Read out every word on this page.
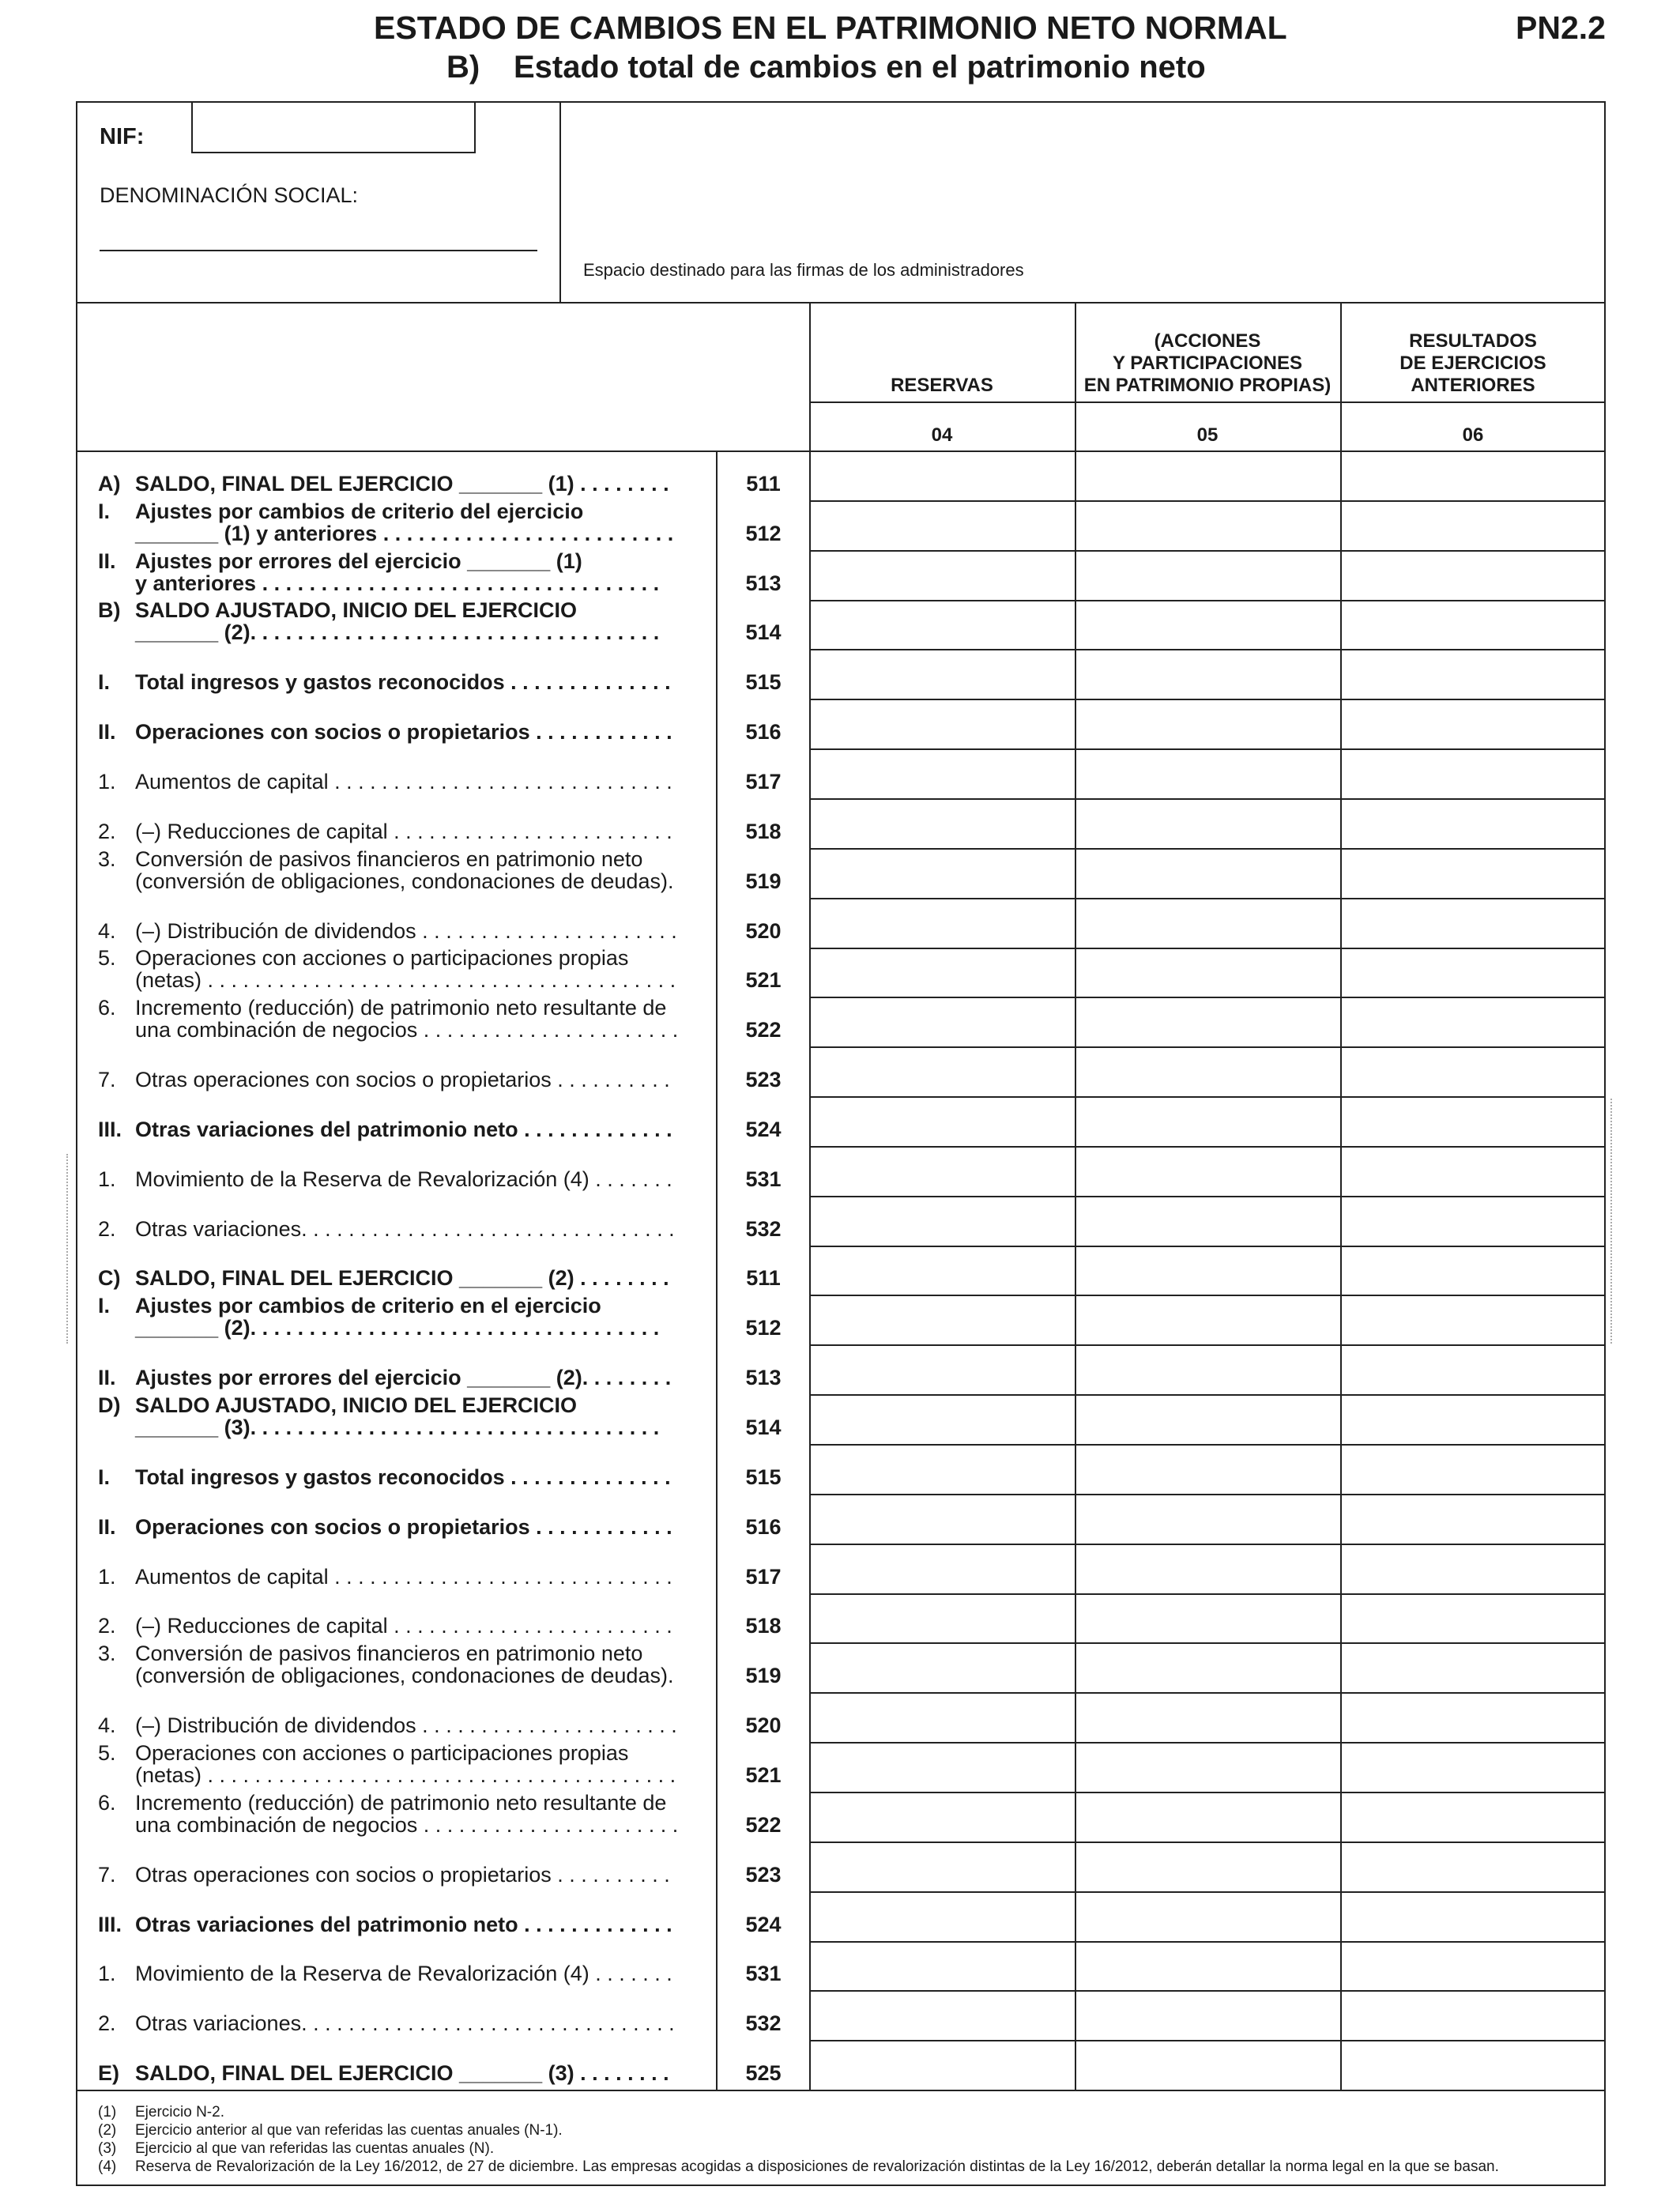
ESTADO DE CAMBIOS EN EL PATRIMONIO NETO NORMAL	PN2.2
B) Estado total de cambios en el patrimonio neto
NIF:
DENOMINACIÓN SOCIAL:
Espacio destinado para las firmas de los administradores
RESERVAS
(ACCIONES
Y PARTICIPACIONES
EN PATRIMONIO PROPIAS)
RESULTADOS
DE EJERCICIOS
ANTERIORES
04	05	06
A) SALDO, FINAL DEL EJERCICIO _______ (1) . . . . . . . .	511
I. Ajustes por cambios de criterio del ejercicio
_______ (1) y anteriores . . . . . . . . . . . . . . . . . . . . . . . . .	512
II. Ajustes por errores del ejercicio _______ (1)
y anteriores . . . . . . . . . . . . . . . . . . . . . . . . . . . . . . . . . .	513
B) SALDO AJUSTADO, INICIO DEL EJERCICIO
_______ (2). . . . . . . . . . . . . . . . . . . . . . . . . . . . . . . . . . .	514
I. Total ingresos y gastos reconocidos . . . . . . . . . . . . . .	515
II. Operaciones con socios o propietarios . . . . . . . . . . . .	516
1. Aumentos de capital . . . . . . . . . . . . . . . . . . . . . . . . . . . . .	517
2. (–) Reducciones de capital . . . . . . . . . . . . . . . . . . . . . . . .	518
3. Conversión de pasivos financieros en patrimonio neto
(conversión de obligaciones, condonaciones de deudas).	519
4. (–) Distribución de dividendos . . . . . . . . . . . . . . . . . . . . . .	520
5. Operaciones con acciones o participaciones propias
(netas) . . . . . . . . . . . . . . . . . . . . . . . . . . . . . . . . . . . . . . . .	521
6. Incremento (reducción) de patrimonio neto resultante de
una combinación de negocios . . . . . . . . . . . . . . . . . . . . . .	522
7. Otras operaciones con socios o propietarios . . . . . . . . . .	523
III. Otras variaciones del patrimonio neto . . . . . . . . . . . . .	524
1. Movimiento de la Reserva de Revalorización (4) . . . . . . .	531
2. Otras variaciones. . . . . . . . . . . . . . . . . . . . . . . . . . . . . . . .	532
C) SALDO, FINAL DEL EJERCICIO _______ (2) . . . . . . . .	511
I. Ajustes por cambios de criterio en el ejercicio
_______ (2). . . . . . . . . . . . . . . . . . . . . . . . . . . . . . . . . . .	512
II. Ajustes por errores del ejercicio _______ (2). . . . . . . .	513
D) SALDO AJUSTADO, INICIO DEL EJERCICIO
_______ (3). . . . . . . . . . . . . . . . . . . . . . . . . . . . . . . . . . .	514
I. Total ingresos y gastos reconocidos . . . . . . . . . . . . . .	515
II. Operaciones con socios o propietarios . . . . . . . . . . . .	516
1. Aumentos de capital . . . . . . . . . . . . . . . . . . . . . . . . . . . . .	517
2. (–) Reducciones de capital . . . . . . . . . . . . . . . . . . . . . . . .	518
3. Conversión de pasivos financieros en patrimonio neto
(conversión de obligaciones, condonaciones de deudas).	519
4. (–) Distribución de dividendos . . . . . . . . . . . . . . . . . . . . . .	520
5. Operaciones con acciones o participaciones propias
(netas) . . . . . . . . . . . . . . . . . . . . . . . . . . . . . . . . . . . . . . . .	521
6. Incremento (reducción) de patrimonio neto resultante de
una combinación de negocios . . . . . . . . . . . . . . . . . . . . . .	522
7. Otras operaciones con socios o propietarios . . . . . . . . . .	523
III. Otras variaciones del patrimonio neto . . . . . . . . . . . . .	524
1. Movimiento de la Reserva de Revalorización (4) . . . . . . .	531
2. Otras variaciones. . . . . . . . . . . . . . . . . . . . . . . . . . . . . . . .	532
E) SALDO, FINAL DEL EJERCICIO _______ (3) . . . . . . . .	525
(1) Ejercicio N-2.
(2) Ejercicio anterior al que van referidas las cuentas anuales (N-1).
(3) Ejercicio al que van referidas las cuentas anuales (N).
(4) Reserva de Revalorización de la Ley 16/2012, de 27 de diciembre. Las empresas acogidas a disposiciones de revalorización distintas de la Ley 16/2012, deberán detallar la norma legal en la que se basan.
